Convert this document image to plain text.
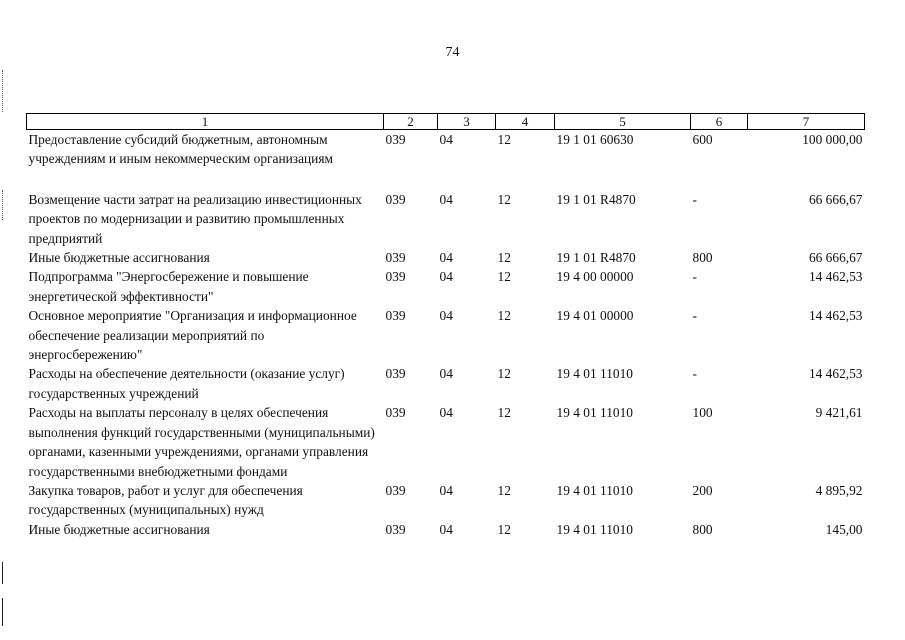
74
1	2	3	4	5	6	7
Предоставление субсидий бюджетным, автономным учреждениям и иным некоммерческим организациям	039	04	12	19 1 01 60630	600	100 000,00

Возмещение части затрат на реализацию инвестиционных проектов по модернизации и развитию промышленных предприятий	039	04	12	19 1 01 R4870	-	66 666,67
Иные бюджетные ассигнования	039	04	12	19 1 01 R4870	800	66 666,67
Подпрограмма "Энергосбережение и повышение энергетической эффективности"	039	04	12	19 4 00 00000	-	14 462,53
Основное мероприятие "Организация и информационное обеспечение реализации мероприятий по энергосбережению"	039	04	12	19 4 01 00000	-	14 462,53
Расходы на обеспечение деятельности (оказание услуг) государственных учреждений	039	04	12	19 4 01 11010	-	14 462,53
Расходы на выплаты персоналу в целях обеспечения выполнения функций государственными (муниципальными) органами, казенными учреждениями, органами управления государственными внебюджетными фондами	039	04	12	19 4 01 11010	100	9 421,61
Закупка товаров, работ и услуг для обеспечения государственных (муниципальных) нужд	039	04	12	19 4 01 11010	200	4 895,92
Иные бюджетные ассигнования	039	04	12	19 4 01 11010	800	145,00
